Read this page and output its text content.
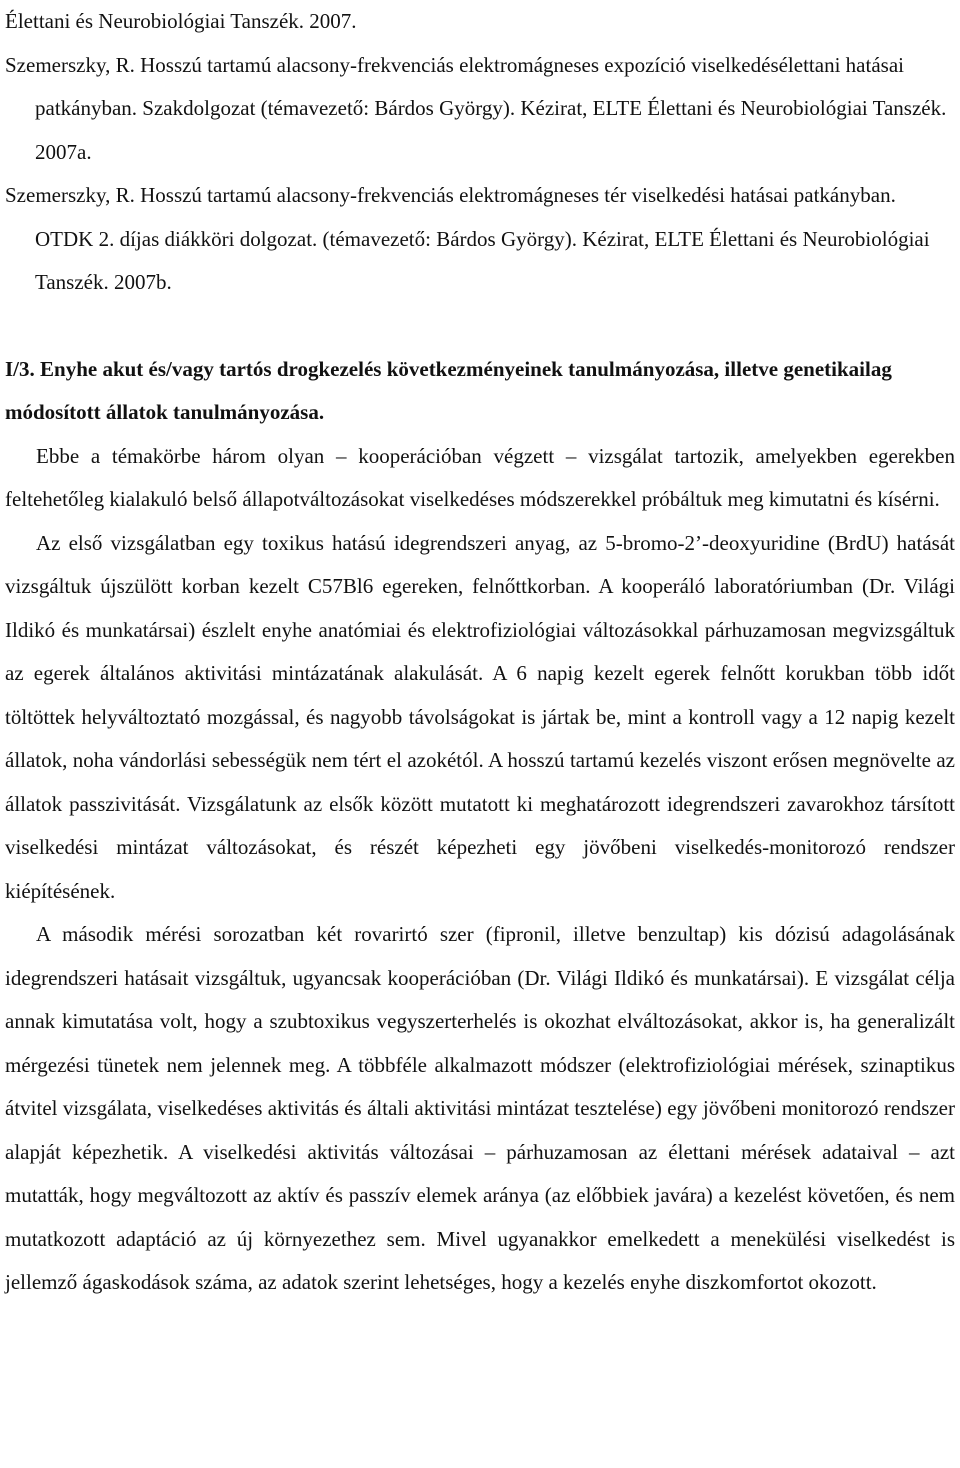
Élettani és Neurobiológiai Tanszék. 2007.

Szemerszky, R. Hosszú tartamú alacsony-frekvenciás elektromágneses expozíció viselkedésélettani hatásai patkányban. Szakdolgozat (témavezető: Bárdos György). Kézirat, ELTE Élettani és Neurobiológiai Tanszék. 2007a.

Szemerszky, R. Hosszú tartamú alacsony-frekvenciás elektromágneses tér viselkedési hatásai patkányban. OTDK 2. díjas diákköri dolgozat. (témavezető: Bárdos György). Kézirat, ELTE Élettani és Neurobiológiai Tanszék. 2007b.

I/3. Enyhe akut és/vagy tartós drogkezelés következményeinek tanulmányozása, illetve genetikailag módosított állatok tanulmányozása.

Ebbe a témakörbe három olyan – kooperációban végzett – vizsgálat tartozik, amelyekben egerekben feltehetőleg kialakuló belső állapotváltozásokat viselkedéses módszerekkel próbáltuk meg kimutatni és kísérni.

Az első vizsgálatban egy toxikus hatású idegrendszeri anyag, az 5-bromo-2’-deoxyuridine (BrdU) hatását vizsgáltuk újszülött korban kezelt C57Bl6 egereken, felnőttkorban. A kooperáló laboratóriumban (Dr. Világi Ildikó és munkatársai) észlelt enyhe anatómiai és elektrofiziológiai változásokkal párhuzamosan megvizsgáltuk az egerek általános aktivitási mintázatának alakulását. A 6 napig kezelt egerek felnőtt korukban több időt töltöttek helyváltoztató mozgással, és nagyobb távolságokat is jártak be, mint a kontroll vagy a 12 napig kezelt állatok, noha vándorlási sebességük nem tért el azokétól. A hosszú tartamú kezelés viszont erősen megnövelte az állatok passzivitását. Vizsgálatunk az elsők között mutatott ki meghatározott idegrendszeri zavarokhoz társított viselkedési mintázat változásokat, és részét képezheti egy jövőbeni viselkedés-monitorozó rendszer kiépítésének.

A második mérési sorozatban két rovarirtó szer (fipronil, illetve benzultap) kis dózisú adagolásának idegrendszeri hatásait vizsgáltuk, ugyancsak kooperációban (Dr. Világi Ildikó és munkatársai). E vizsgálat célja annak kimutatása volt, hogy a szubtoxikus vegyszerterhelés is okozhat elváltozásokat, akkor is, ha generalizált mérgezési tünetek nem jelennek meg. A többféle alkalmazott módszer (elektrofiziológiai mérések, szinaptikus átvitel vizsgálata, viselkedéses aktivitás és általi aktivitási mintázat tesztelése) egy jövőbeni monitorozó rendszer alapját képezhetik. A viselkedési aktivitás változásai – párhuzamosan az élettani mérések adataival – azt mutatták, hogy megváltozott az aktív és passzív elemek aránya (az előbbiek javára) a kezelést követően, és nem mutatkozott adaptáció az új környezethez sem. Mivel ugyanakkor emelkedett a menekülési viselkedést is jellemző ágaskodások száma, az adatok szerint lehetséges, hogy a kezelés enyhe diszkomfortot okozott.
